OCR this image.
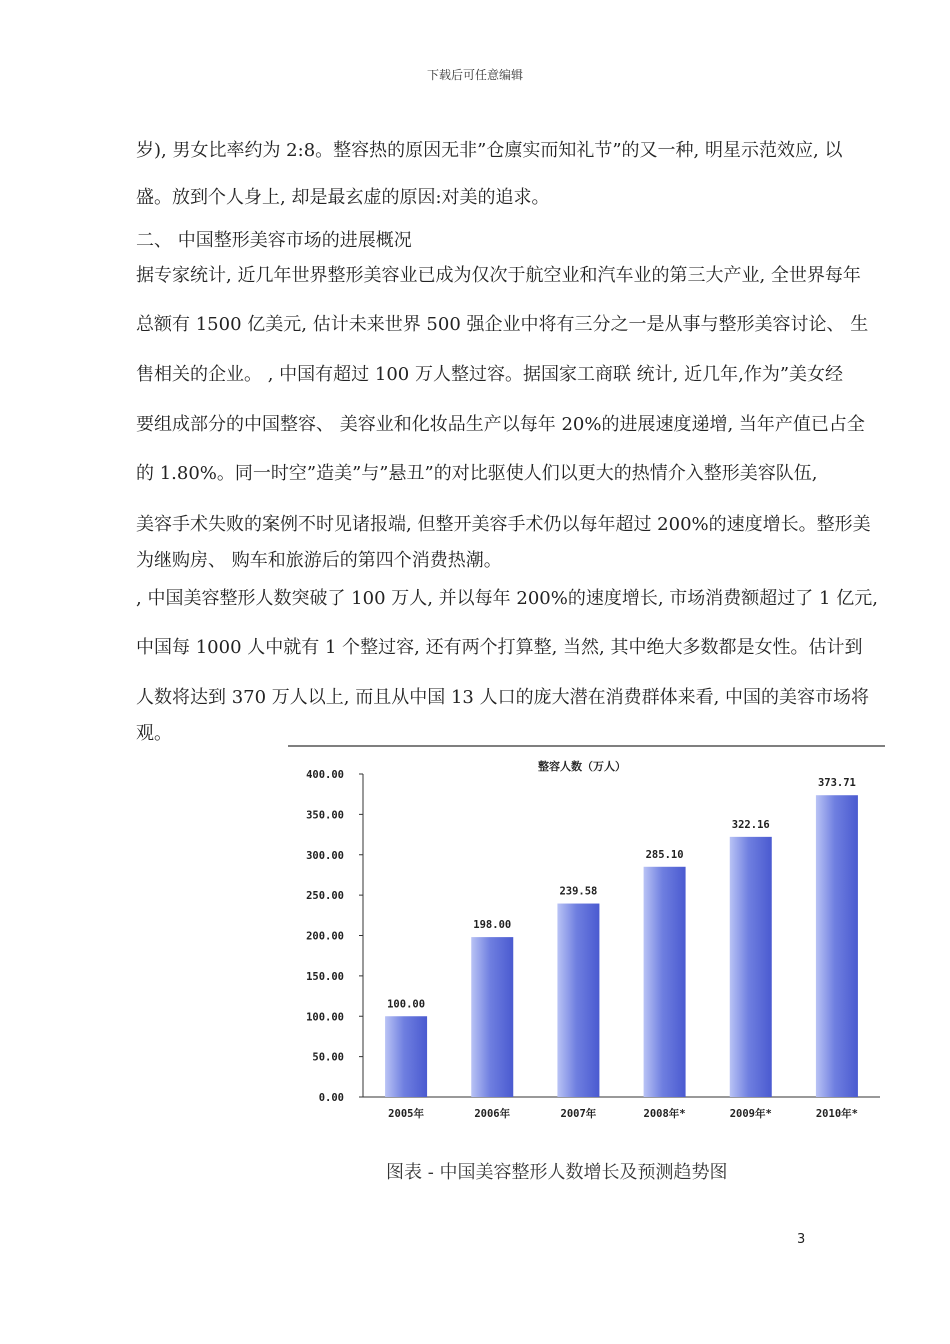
下载后可任意编辑
岁), 男女比率约为 2:8。整容热的原因无非”仓廪实而知礼节”的又一种, 明星示范效应, 以
盛。放到个人身上, 却是最玄虚的原因:对美的追求。
二、 中国整形美容市场的进展概况
据专家统计, 近几年世界整形美容业已成为仅次于航空业和汽车业的第三大产业, 全世界每年
总额有 1500 亿美元, 估计未来世界 500 强企业中将有三分之一是从事与整形美容讨论、 生
售相关的企业。 , 中国有超过 100 万人整过容。据国家工商联 统计, 近几年,作为”美女经
要组成部分的中国整容、 美容业和化妆品生产以每年 20%的进展速度递增, 当年产值已占全
的 1.80%。同一时空”造美”与”悬丑”的对比驱使人们以更大的热情介入整形美容队伍,
美容手术失败的案例不时见诸报端, 但整开美容手术仍以每年超过 200%的速度增长。整形美
为继购房、 购车和旅游后的第四个消费热潮。
, 中国美容整形人数突破了 100 万人, 并以每年 200%的速度增长, 市场消费额超过了 1 亿元,
中国每 1000 人中就有 1 个整过容, 还有两个打算整, 当然, 其中绝大多数都是女性。估计到
人数将达到 370 万人以上, 而且从中国 13 人口的庞大潜在消费群体来看, 中国的美容市场将
观。
整容人数（万人）
0.00
50.00
100.00
150.00
200.00
250.00
300.00
350.00
400.00
100.00
2005年
198.00
2006年
239.58
2007年
285.10
2008年*
322.16
2009年*
373.71
2010年*
图表 - 中国美容整形人数增长及预测趋势图
3
